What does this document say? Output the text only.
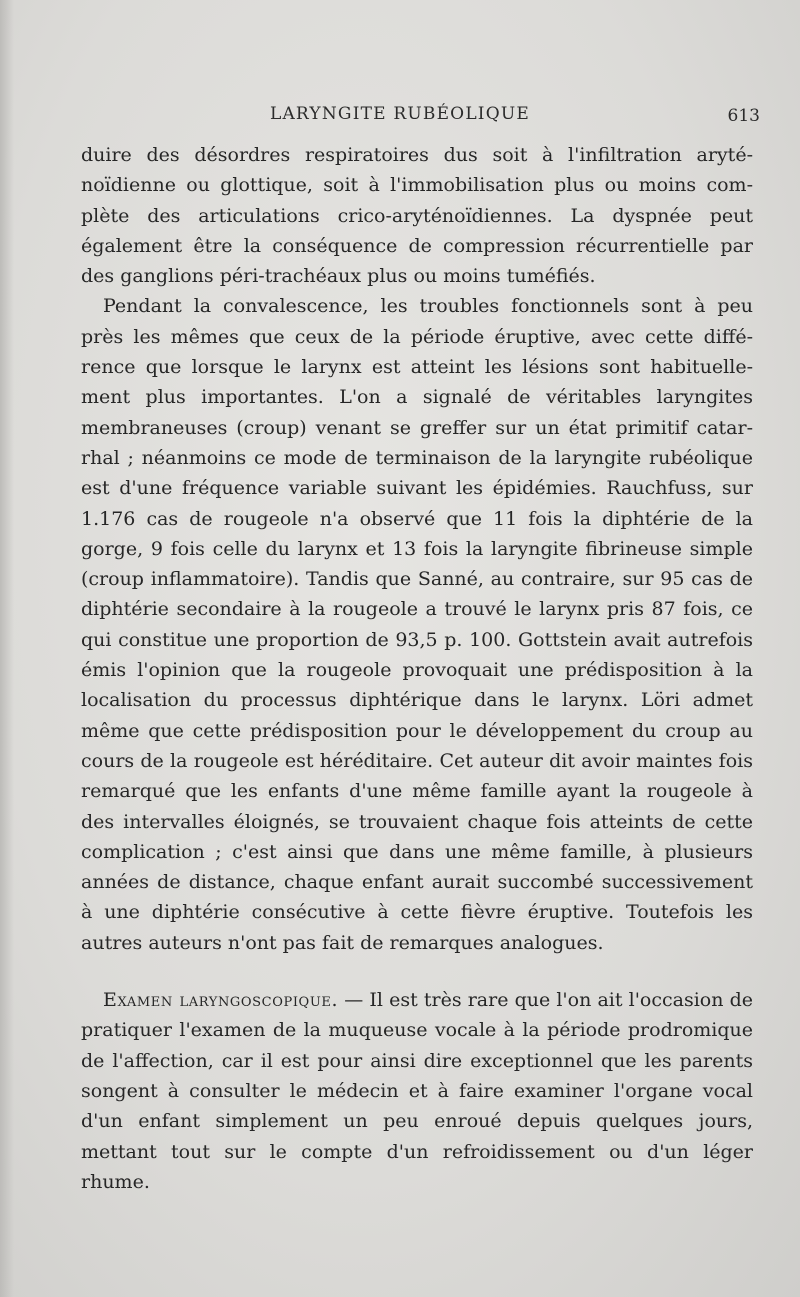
LARYNGITE RUBÉOLIQUE	613

duire des désordres respiratoires dus soit à l'infiltration aryténoïdienne ou glottique, soit à l'immobilisation plus ou moins complète des articulations crico-aryténoïdiennes. La dyspnée peut également être la conséquence de compression récurrentielle par des ganglions péri-trachéaux plus ou moins tuméfiés.

Pendant la convalescence, les troubles fonctionnels sont à peu près les mêmes que ceux de la période éruptive, avec cette différence que lorsque le larynx est atteint les lésions sont habituellement plus importantes. L'on a signalé de véritables laryngites membraneuses (croup) venant se greffer sur un état primitif catarrhal ; néanmoins ce mode de terminaison de la laryngite rubéolique est d'une fréquence variable suivant les épidémies. Rauchfuss, sur 1.176 cas de rougeole n'a observé que 11 fois la diphtérie de la gorge, 9 fois celle du larynx et 13 fois la laryngite fibrineuse simple (croup inflammatoire). Tandis que Sanné, au contraire, sur 95 cas de diphtérie secondaire à la rougeole a trouvé le larynx pris 87 fois, ce qui constitue une proportion de 93,5 p. 100. Gottstein avait autrefois émis l'opinion que la rougeole provoquait une prédisposition à la localisation du processus diphtérique dans le larynx. Löri admet même que cette prédisposition pour le développement du croup au cours de la rougeole est héréditaire. Cet auteur dit avoir maintes fois remarqué que les enfants d'une même famille ayant la rougeole à des intervalles éloignés, se trouvaient chaque fois atteints de cette complication ; c'est ainsi que dans une même famille, à plusieurs années de distance, chaque enfant aurait succombé successivement à une diphtérie consécutive à cette fièvre éruptive. Toutefois les autres auteurs n'ont pas fait de remarques analogues.

Examen laryngoscopique. — Il est très rare que l'on ait l'occasion de pratiquer l'examen de la muqueuse vocale à la période prodromique de l'affection, car il est pour ainsi dire exceptionnel que les parents songent à consulter le médecin et à faire examiner l'organe vocal d'un enfant simplement un peu enroué depuis quelques jours, mettant tout sur le compte d'un refroidissement ou d'un léger rhume.
